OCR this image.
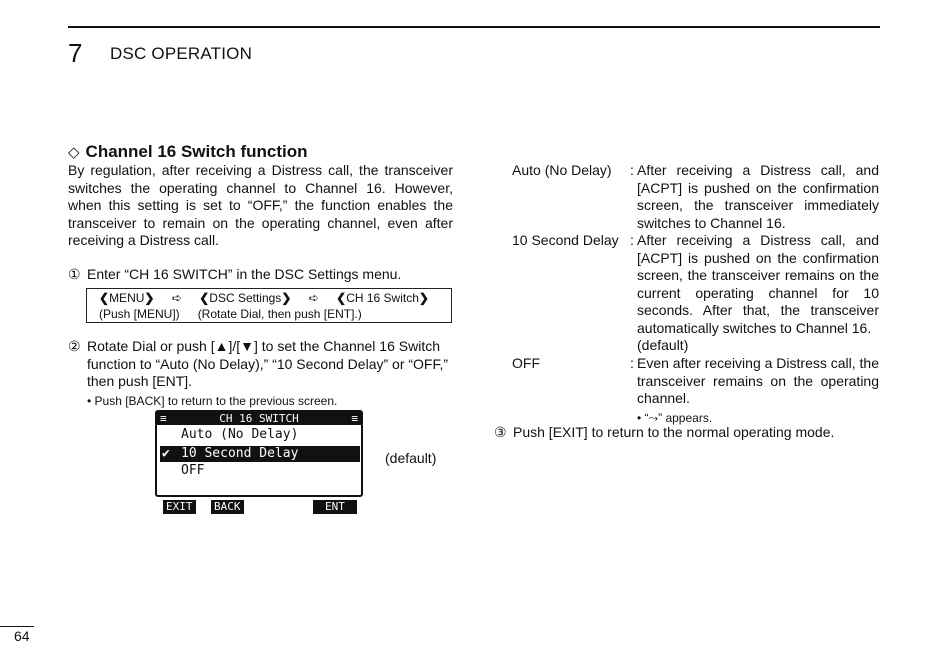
7 DSC OPERATION
◇ Channel 16 Switch function
By regulation, after receiving a Distress call, the transceiver switches the operating channel to Channel 16. However, when this setting is set to “OFF,” the function enables the transceiver to remain on the operating channel, even after receiving a Distress call.
① Enter “CH 16 SWITCH” in the DSC Settings menu.
❮MENU❯ ➪ ❮DSC Settings❯ ➪ ❮CH 16 Switch❯
(Push [MENU]) (Rotate Dial, then push [ENT].)
② Rotate Dial or push [▲]/[▼] to set the Channel 16 Switch function to “Auto (No Delay),” “10 Second Delay” or “OFF,” then push [ENT].
• Push [BACK] to return to the previous screen.
≡	CH 16 SWITCH	≡
Auto (No Delay)
✔ 10 Second Delay
OFF
EXIT BACK	ENT
(default)
Auto (No Delay) : After receiving a Distress call, and [ACPT] is pushed on the confirmation screen, the transceiver immediately switches to Channel 16.
10 Second Delay : After receiving a Distress call, and [ACPT] is pushed on the confirmation screen, the transceiver remains on the current operating channel for 10 seconds. After that, the transceiver automatically switches to Channel 16.
(default)
OFF	: Even after receiving a Distress call, the transceiver remains on the operating channel.
• “⤳” appears.
③ Push [EXIT] to return to the normal operating mode.
64
